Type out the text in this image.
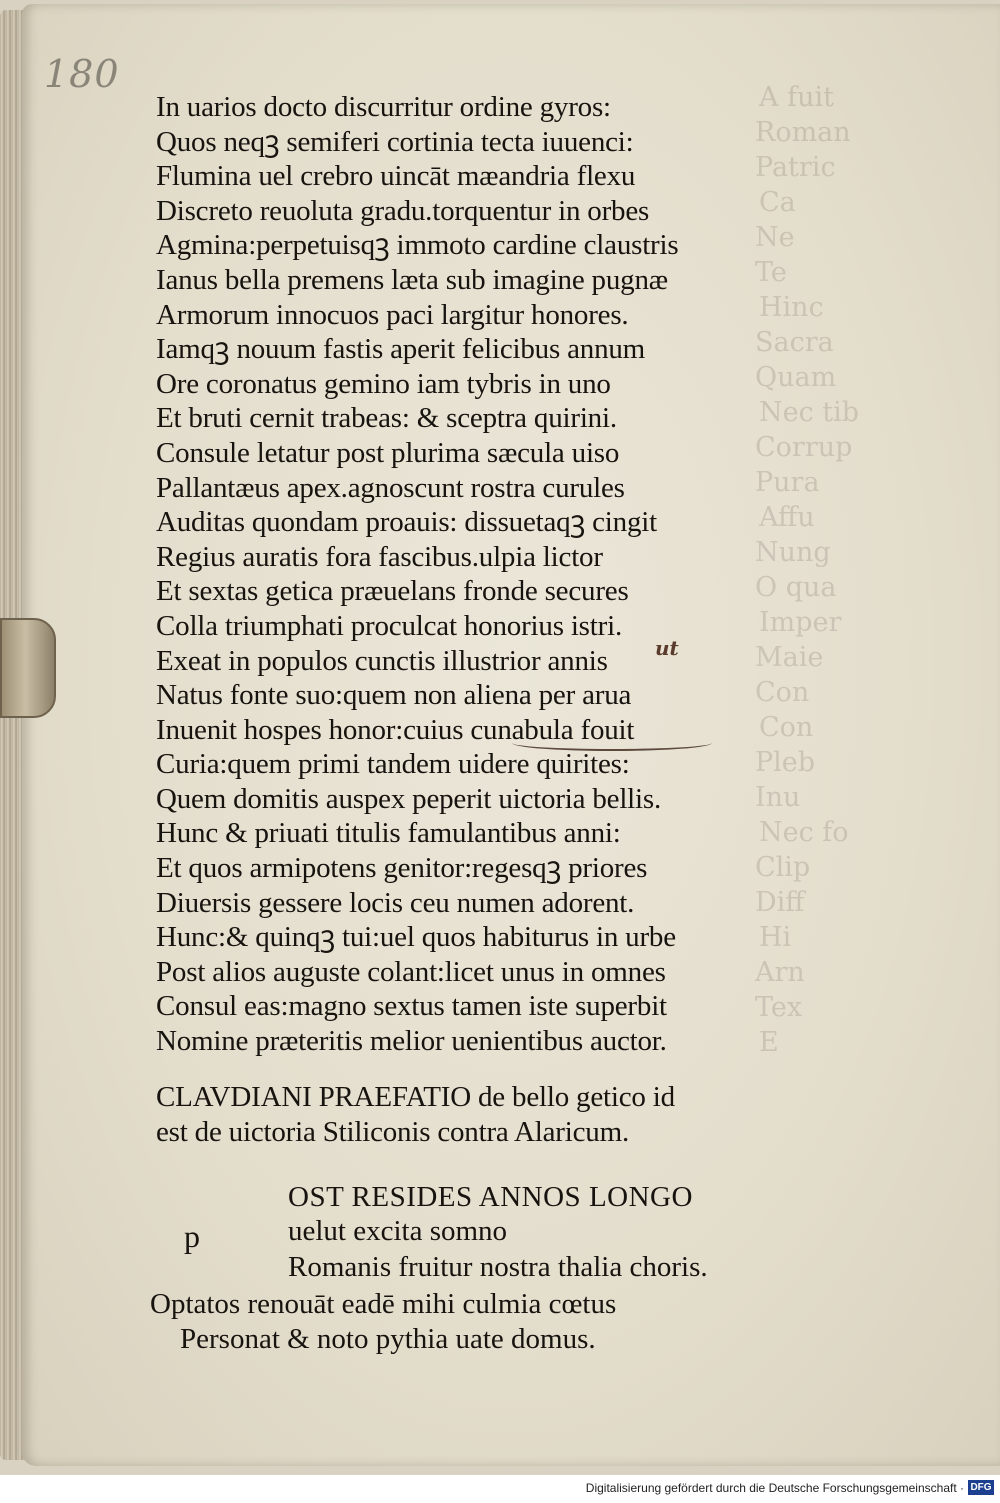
180
In uarios docto discurritur ordine gyros:
Quos neqꝫ semiferi cortinia tecta iuuenci:
Flumina uel crebro uincāt mæandria flexu
Discreto reuoluta gradu.torquentur in orbes
Agmina:perpetuisqꝫ immoto cardine claustris
Ianus bella premens læta sub imagine pugnæ
Armorum innocuos paci largitur honores.
Iamqꝫ nouum fastis aperit felicibus annum
Ore coronatus gemino iam tybris in uno
Et bruti cernit trabeas: & sceptra quirini.
Consule letatur post plurima sæcula uiso
Pallantæus apex.agnoscunt rostra curules
Auditas quondam proauis: dissuetaqꝫ cingit
Regius auratis fora fascibus.ulpia lictor
Et sextas getica præuelans fronde secures
Colla triumphati proculcat honorius istri.
Exeat in populos cunctis illustrior annis
Natus fonte suo:quem non aliena per arua
Inuenit hospes honor:cuius cunabula fouit
Curia:quem primi tandem uidere quirites:
Quem domitis auspex peperit uictoria bellis.
Hunc & priuati titulis famulantibus anni:
Et quos armipotens genitor:regesqꝫ priores
Diuersis gessere locis ceu numen adorent.
Hunc:& quinqꝫ tui:uel quos habiturus in urbe
Post alios auguste colant:licet unus in omnes
Consul eas:magno sextus tamen iste superbit
Nomine præteritis melior uenientibus auctor.
ut
CLAVDIANI PRAEFATIO de bello getico id
est de uictoria Stiliconis contra Alaricum.
p
OST RESIDES ANNOS LONGO
uelut excita somno
Romanis fruitur nostra thalia choris.
Optatos renouāt eadē mihi culmia cœtus
Personat & noto pythia uate domus.
Digitalisierung gefördert durch die Deutsche Forschungsgemeinschaft · DFG
